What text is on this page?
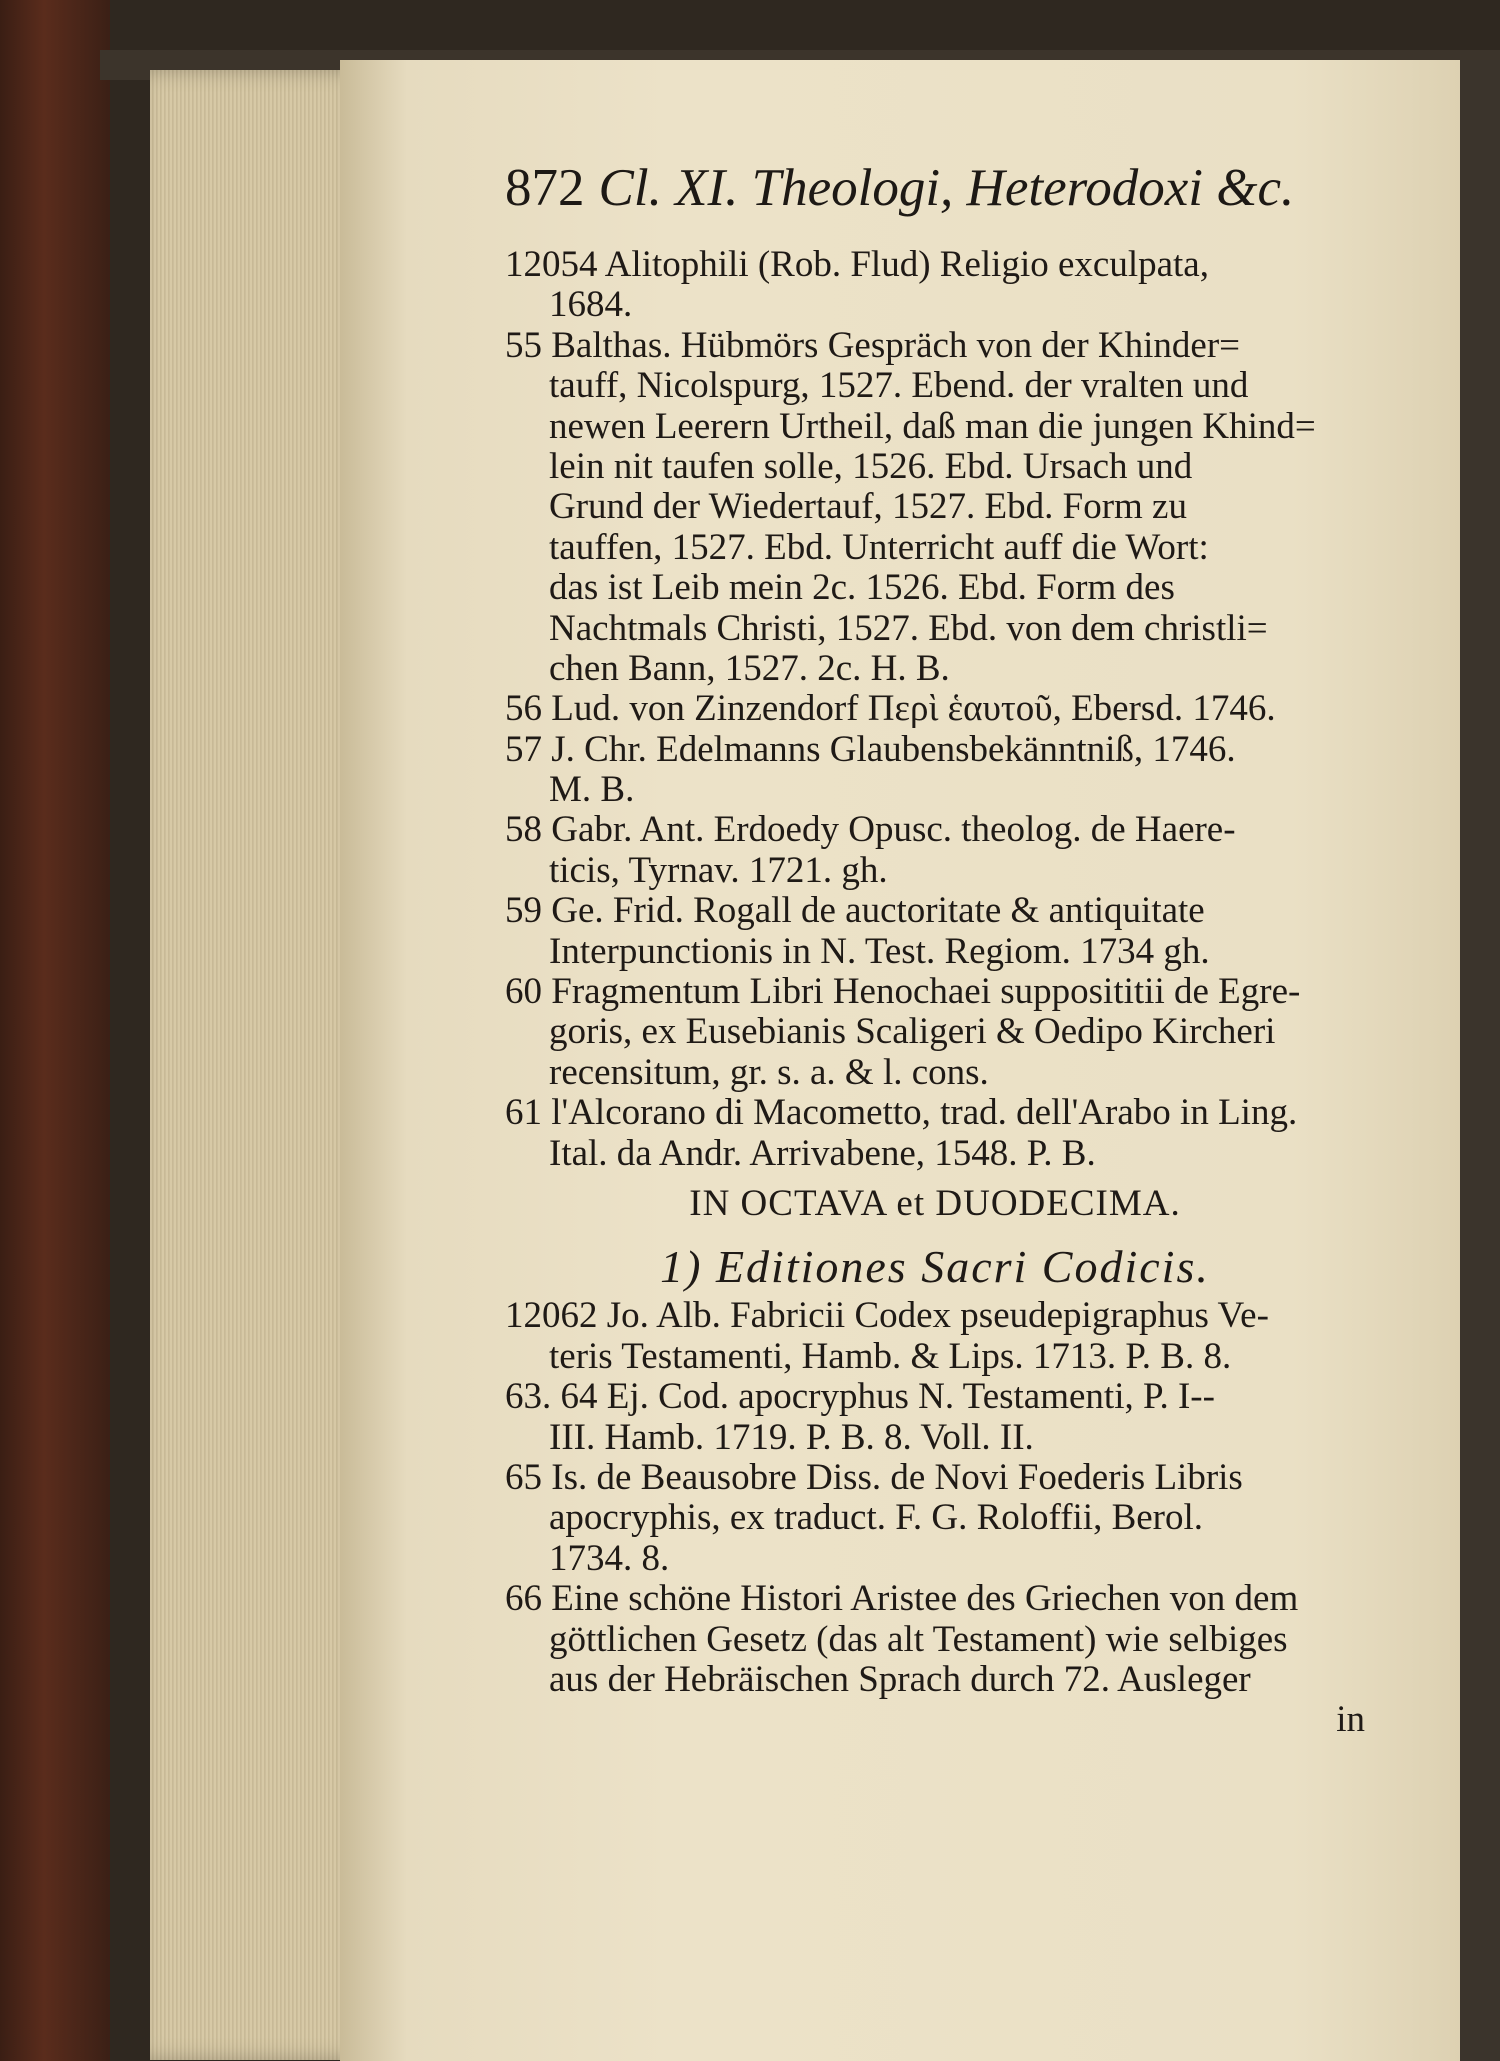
872 Cl. XI. Theologi, Heterodoxi &c.
12054 Alitophili (Rob. Flud) Religio exculpata,
1684.
55 Balthas. Hübmörs Gespräch von der Khinder=
tauff, Nicolspurg, 1527. Ebend. der vralten und
newen Leerern Urtheil, daß man die jungen Khind=
lein nit taufen solle, 1526. Ebd. Ursach und
Grund der Wiedertauf, 1527. Ebd. Form zu
tauffen, 1527. Ebd. Unterricht auff die Wort:
das ist Leib mein 2c. 1526. Ebd. Form des
Nachtmals Christi, 1527. Ebd. von dem christli=
chen Bann, 1527. 2c. H. B.
56 Lud. von Zinzendorf Περὶ ἑαυτοῦ, Ebersd. 1746.
57 J. Chr. Edelmanns Glaubensbekänntniß, 1746.
M. B.
58 Gabr. Ant. Erdoedy Opusc. theolog. de Haere-
ticis, Tyrnav. 1721. gh.
59 Ge. Frid. Rogall de auctoritate & antiquitate
Interpunctionis in N. Test. Regiom. 1734 gh.
60 Fragmentum Libri Henochaei supposititii de Egre-
goris, ex Eusebianis Scaligeri & Oedipo Kircheri
recensitum, gr. s. a. & l. cons.
61 l'Alcorano di Macometto, trad. dell'Arabo in Ling.
Ital. da Andr. Arrivabene, 1548. P. B.
IN OCTAVA et DUODECIMA.
1) Editiones Sacri Codicis.
12062 Jo. Alb. Fabricii Codex pseudepigraphus Ve-
teris Testamenti, Hamb. & Lips. 1713. P. B. 8.
63. 64 Ej. Cod. apocryphus N. Testamenti, P. I--
III. Hamb. 1719. P. B. 8. Voll. II.
65 Is. de Beausobre Diss. de Novi Foederis Libris
apocryphis, ex traduct. F. G. Roloffii, Berol.
1734. 8.
66 Eine schöne Histori Aristee des Griechen von dem
göttlichen Gesetz (das alt Testament) wie selbiges
aus der Hebräischen Sprach durch 72. Ausleger
in
